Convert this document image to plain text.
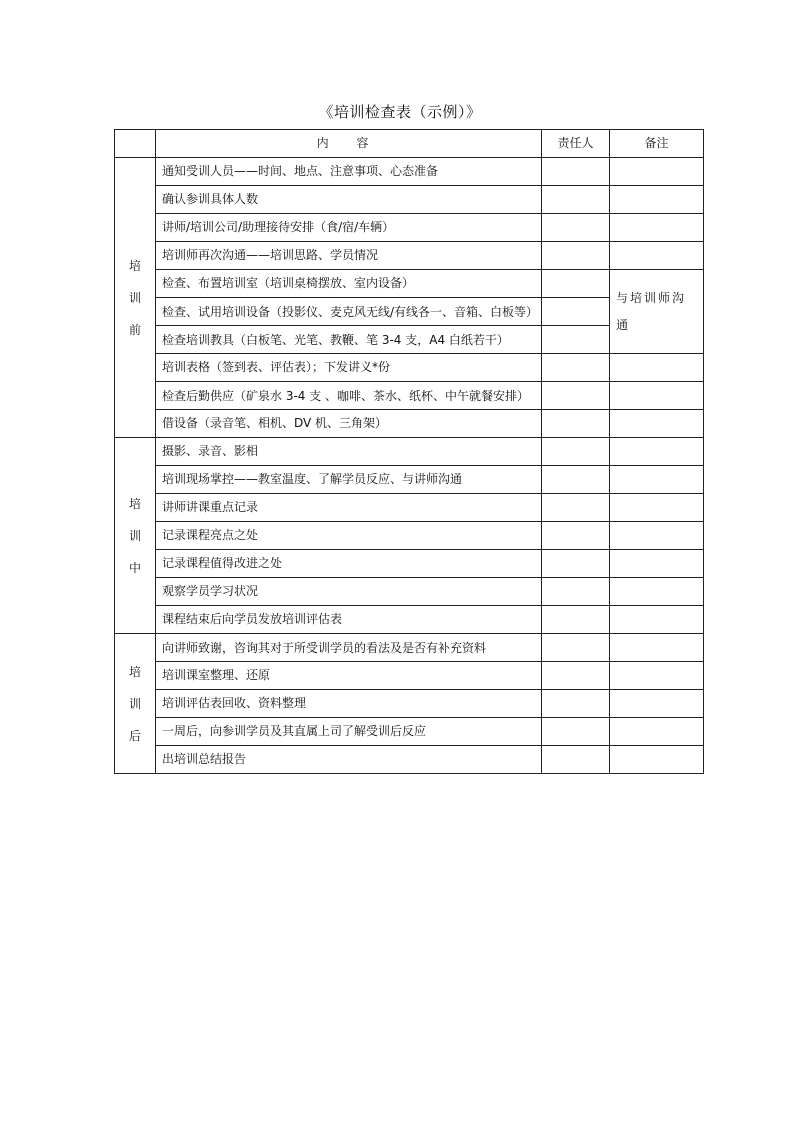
《培训检查表（示例）》
	内 容	责任人	备注

培
训
前	通知受训人员——时间、地点、注意事项、心态准备		
	确认参训具体人数		
	讲师/培训公司/助理接待安排（食/宿/车辆）		
	培训师再次沟通——培训思路、学员情况		
	检查、布置培训室（培训桌椅摆放、室内设备）		与培训师沟通
	检查、试用培训设备（投影仪、麦克风无线/有线各一、音箱、白板等）		
	检查培训教具（白板笔、光笔、教鞭、笔 3-4 支，A4 白纸若干）		
	培训表格（签到表、评估表）；下发讲义*份		
	检查后勤供应（矿泉水 3-4 支 、咖啡、茶水、纸杯、中午就餐安排）		
	借设备（录音笔、相机、DV 机、三角架）		

培
训
中	摄影、录音、影相		
	培训现场掌控——教室温度、了解学员反应、与讲师沟通		
	讲师讲课重点记录		
	记录课程亮点之处		
	记录课程值得改进之处		
	观察学员学习状况		
	课程结束后向学员发放培训评估表		

培
训
后	向讲师致谢，咨询其对于所受训学员的看法及是否有补充资料		
	培训课室整理、还原		
	培训评估表回收、资料整理		
	一周后，向参训学员及其直属上司了解受训后反应		
	出培训总结报告		
